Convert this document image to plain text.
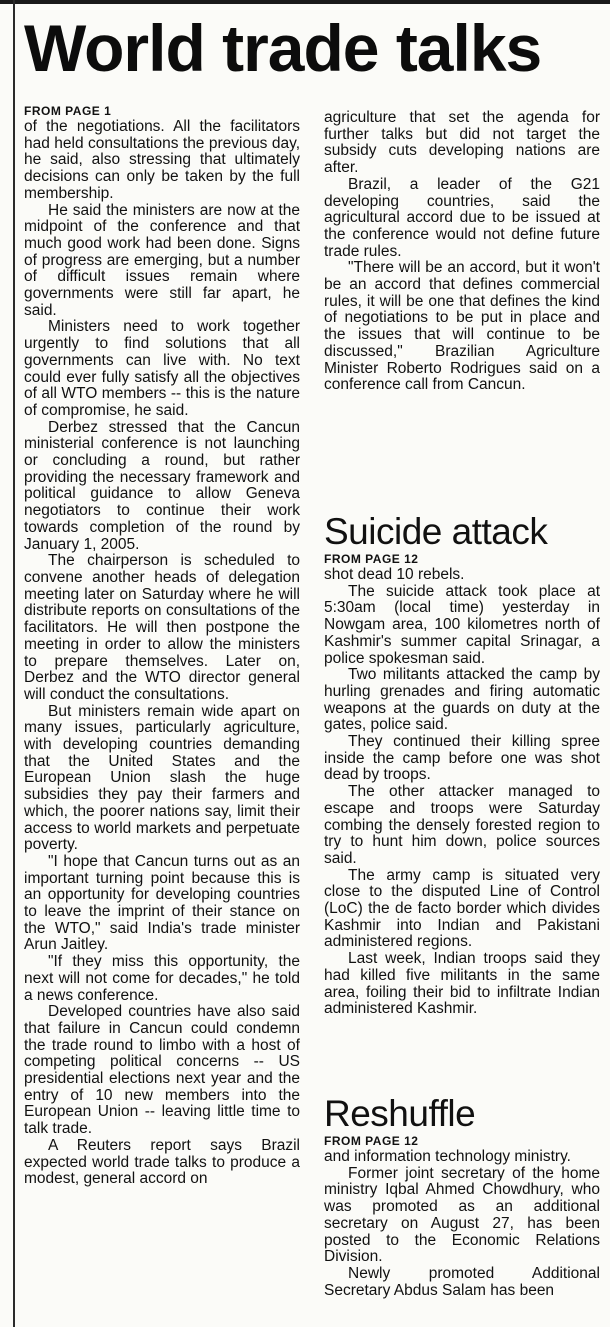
World trade talks
FROM PAGE 1

of the negotiations. All the facilitators had held consultations the previous day, he said, also stressing that ultimately decisions can only be taken by the full membership.

He said the ministers are now at the midpoint of the conference and that much good work had been done. Signs of progress are emerging, but a number of difficult issues remain where governments were still far apart, he said.

Ministers need to work together urgently to find solutions that all governments can live with. No text could ever fully satisfy all the objectives of all WTO members -- this is the nature of compromise, he said.

Derbez stressed that the Cancun ministerial conference is not launching or concluding a round, but rather providing the necessary framework and political guidance to allow Geneva negotiators to continue their work towards completion of the round by January 1, 2005.

The chairperson is scheduled to convene another heads of delegation meeting later on Saturday where he will distribute reports on consultations of the facilitators. He will then postpone the meeting in order to allow the ministers to prepare themselves. Later on, Derbez and the WTO director general will conduct the consultations.

But ministers remain wide apart on many issues, particularly agriculture, with developing countries demanding that the United States and the European Union slash the huge subsidies they pay their farmers and which, the poorer nations say, limit their access to world markets and perpetuate poverty.

"I hope that Cancun turns out as an important turning point because this is an opportunity for developing countries to leave the imprint of their stance on the WTO," said India's trade minister Arun Jaitley.

"If they miss this opportunity, the next will not come for decades," he told a news conference.

Developed countries have also said that failure in Cancun could condemn the trade round to limbo with a host of competing political concerns -- US presidential elections next year and the entry of 10 new members into the European Union -- leaving little time to talk trade.

A Reuters report says Brazil expected world trade talks to produce a modest, general accord on

agriculture that set the agenda for further talks but did not target the subsidy cuts developing nations are after.

Brazil, a leader of the G21 developing countries, said the agricultural accord due to be issued at the conference would not define future trade rules.

"There will be an accord, but it won't be an accord that defines commercial rules, it will be one that defines the kind of negotiations to be put in place and the issues that will continue to be discussed," Brazilian Agriculture Minister Roberto Rodrigues said on a conference call from Cancun.

Suicide attack
FROM PAGE 12

shot dead 10 rebels.

The suicide attack took place at 5:30am (local time) yesterday in Nowgam area, 100 kilometres north of Kashmir's summer capital Srinagar, a police spokesman said.

Two militants attacked the camp by hurling grenades and firing automatic weapons at the guards on duty at the gates, police said.

They continued their killing spree inside the camp before one was shot dead by troops.

The other attacker managed to escape and troops were Saturday combing the densely forested region to try to hunt him down, police sources said.

The army camp is situated very close to the disputed Line of Control (LoC) the de facto border which divides Kashmir into Indian and Pakistani administered regions.

Last week, Indian troops said they had killed five militants in the same area, foiling their bid to infiltrate Indian administered Kashmir.

Reshuffle
FROM PAGE 12

and information technology ministry.

Former joint secretary of the home ministry Iqbal Ahmed Chowdhury, who was promoted as an additional secretary on August 27, has been posted to the Economic Relations Division.

Newly promoted Additional Secretary Abdus Salam has been
